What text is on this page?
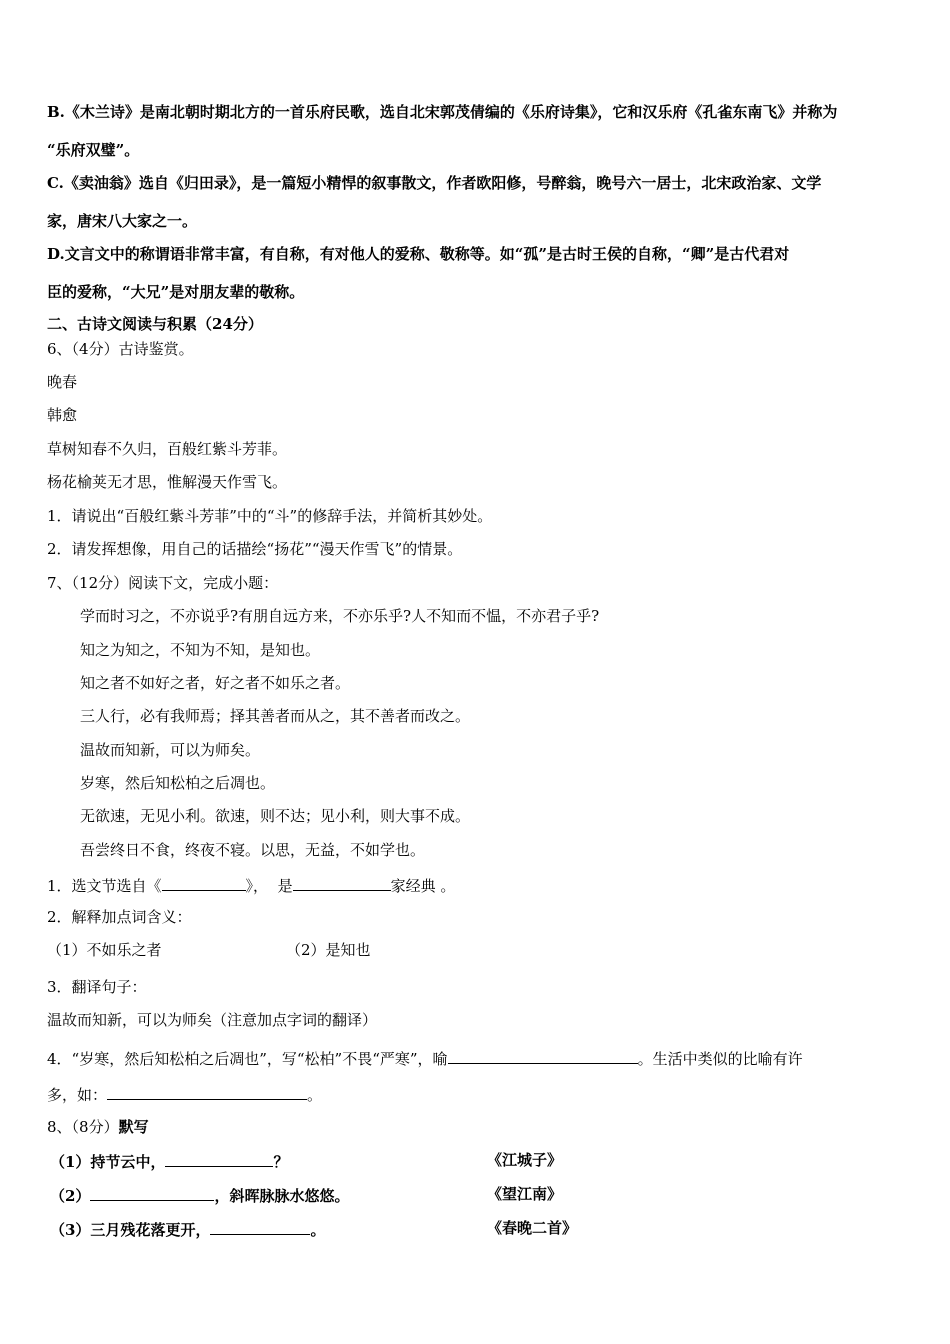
B.《木兰诗》是南北朝时期北方的一首乐府民歌，选自北宋郭茂倩编的《乐府诗集》，它和汉乐府《孔雀东南飞》并称为
“乐府双璧”。
C.《卖油翁》选自《归田录》，是一篇短小精悍的叙事散文，作者欧阳修，号醉翁，晚号六一居士，北宋政治家、文学
家，唐宋八大家之一。
D.文言文中的称谓语非常丰富，有自称，有对他人的爱称、敬称等。如“孤”是古时王侯的自称，“卿”是古代君对
臣的爱称，“大兄”是对朋友辈的敬称。
二、古诗文阅读与积累（24分）
6、（4分）古诗鉴赏。
晚春
韩愈
草树知春不久归，百般红紫斗芳菲。
杨花榆荚无才思，惟解漫天作雪飞。
1．请说出“百般红紫斗芳菲”中的“斗”的修辞手法，并简析其妙处。
2．请发挥想像，用自己的话描绘“扬花”“漫天作雪飞”的情景。
7、（12分）阅读下文，完成小题：
学而时习之，不亦说乎?有朋自远方来，不亦乐乎?人不知而不愠，不亦君子乎?
知之为知之，不知为不知，是知也。
知之者不如好之者，好之者不如乐之者。
三人行，必有我师焉；择其善者而从之，其不善者而改之。
温故而知新，可以为师矣。
岁寒，然后知松柏之后凋也。
无欲速，无见小利。欲速，则不达；见小利，则大事不成。
吾尝终日不食，终夜不寝。以思，无益，不如学也。
1．选文节选自《	》， 是	家经典 。
2．解释加点词含义：
（1）不如乐之者	（2）是知也
3．翻译句子：
温故而知新，可以为师矣（注意加点字词的翻译）
4．“岁寒，然后知松柏之后凋也”，写“松柏”不畏“严寒”，喻	。生活中类似的比喻有许
多，如：	。
8、（8分）默写
（1）持节云中，	？	《江城子》
（2）	，斜晖脉脉水悠悠。	《望江南》
（3）三月残花落更开，	。	《春晚二首》
